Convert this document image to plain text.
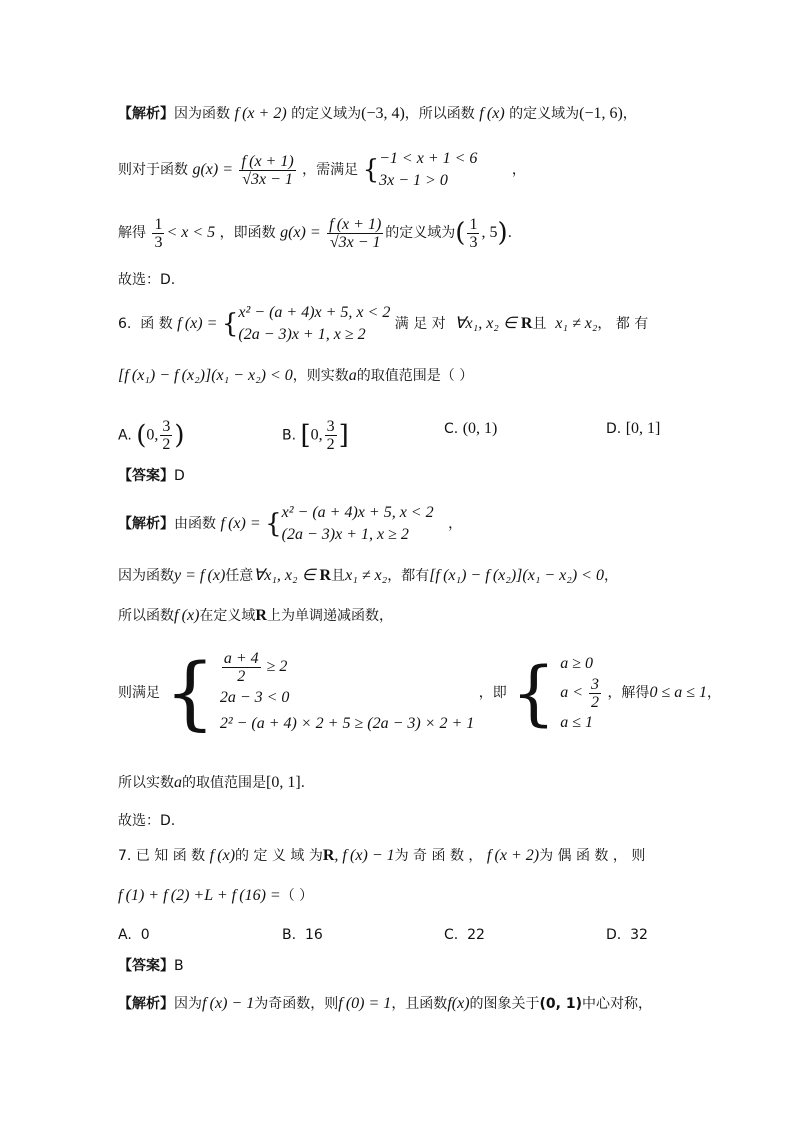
【解析】因为函数 f (x + 2) 的定义域为(−3, 4)，所以函数 f (x) 的定义域为(−1, 6)，
则对于函数 $g(x) = \frac{f (x + 1)}{√3x - 1}$ ，需满足 {−1 < x + 1 < 6
3x − 1 > 0 ，
解得 $\frac{1}{3} < x < 5$ ，即函数 $g(x) = \frac{f (x + 1)}{√3x - 1}$ 的定义域为( $\frac{1}{3}$ , 5).
故选：D.
6. 函 数 f (x) = {x² − (a + 4)x + 5, x < 2
(2a − 3)x + 1, x ≥ 2 满 足 对 ∀x₁, x₂ ∈ R且 x₁ ≠ x₂， 都 有
[f (x₁) − f (x₂)](x₁ − x₂) < 0，则实数a的取值范围是（ ）
A. (0, $\frac{3}{2}$ )	B. [0, $\frac{3}{2}$ ]	C. (0, 1)	D. [0, 1]
【答案】D
【解析】由函数 f (x) = {x² − (a + 4)x + 5, x < 2
(2a − 3)x + 1, x ≥ 2 ，
因为函数y = f (x)任意∀x₁, x₂ ∈ R且x₁ ≠ x₂，都有[f (x₁) − f (x₂)](x₁ − x₂) < 0，
所以函数f (x)在定义域R上为单调递减函数，
则满足 { $\frac{a + 4}{2} \ge 2$
2a − 3 < 0
2² − (a + 4) × 2 + 5 ≥ (2a − 3) × 2 + 1 ，即 { a ≥ 0
$a < \frac{3}{2}$

a ≤ 1 ，解得0 ≤ a ≤ 1，
所以实数a的取值范围是[0, 1].
故选：D.
7. 已 知 函 数 f (x)的 定 义 域 为R, f (x) − 1为 奇 函 数 ， f (x + 2)为 偶 函 数 ， 则
f (1) + f (2) +L + f (16) =（ ）
A. 0	B. 16	C. 22	D. 32
【答案】B
【解析】因为f (x) − 1为奇函数，则f (0) = 1，且函数f(x)的图象关于(0, 1)中心对称，
